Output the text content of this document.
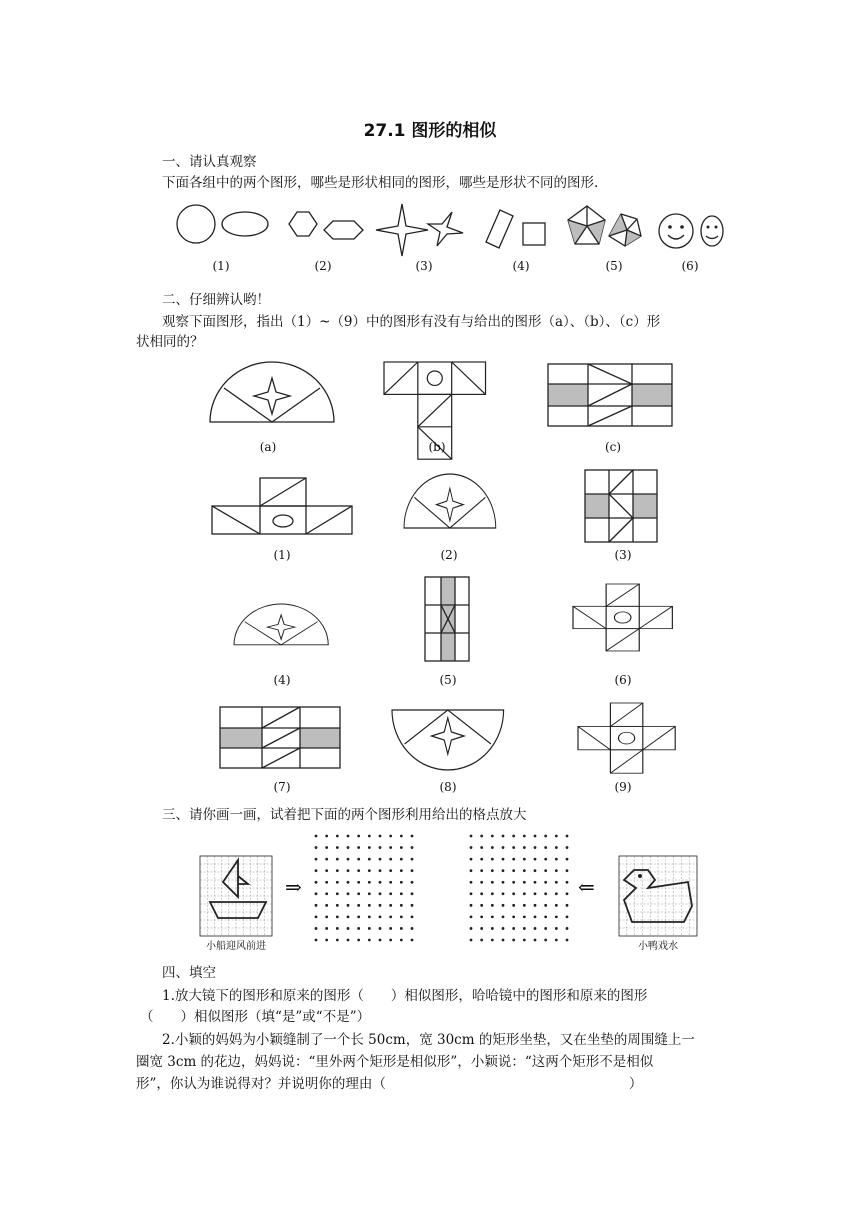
27.1 图形的相似
一、请认真观察
下面各组中的两个图形，哪些是形状相同的图形，哪些是形状不同的图形.
(1)	(2)	(3)	(4)	(5)	(6)
二、仔细辨认哟！
观察下面图形，指出（1）~（9）中的图形有没有与给出的图形（a）、（b）、（c）形
状相同的？
(a)	(b)	(c)
(1)	(2)	(3)
(4)	(5)	(6)
(7)	(8)	(9)
三、请你画一画，试着把下面的两个图形利用给出的格点放大
⇒	⇐
小船迎风前进	小鸭戏水
四、填空
1.放大镜下的图形和原来的图形（　　）相似图形，哈哈镜中的图形和原来的图形
（　　）相似图形（填“是”或“不是”）
2.小颖的妈妈为小颖缝制了一个长 50cm，宽 30cm 的矩形坐垫，又在坐垫的周围缝上一
圈宽 3cm 的花边，妈妈说：“里外两个矩形是相似形”，小颖说：“这两个矩形不是相似
形”，你认为谁说得对？并说明你的理由（　　　　　　　　　　　　　　　　　　）
